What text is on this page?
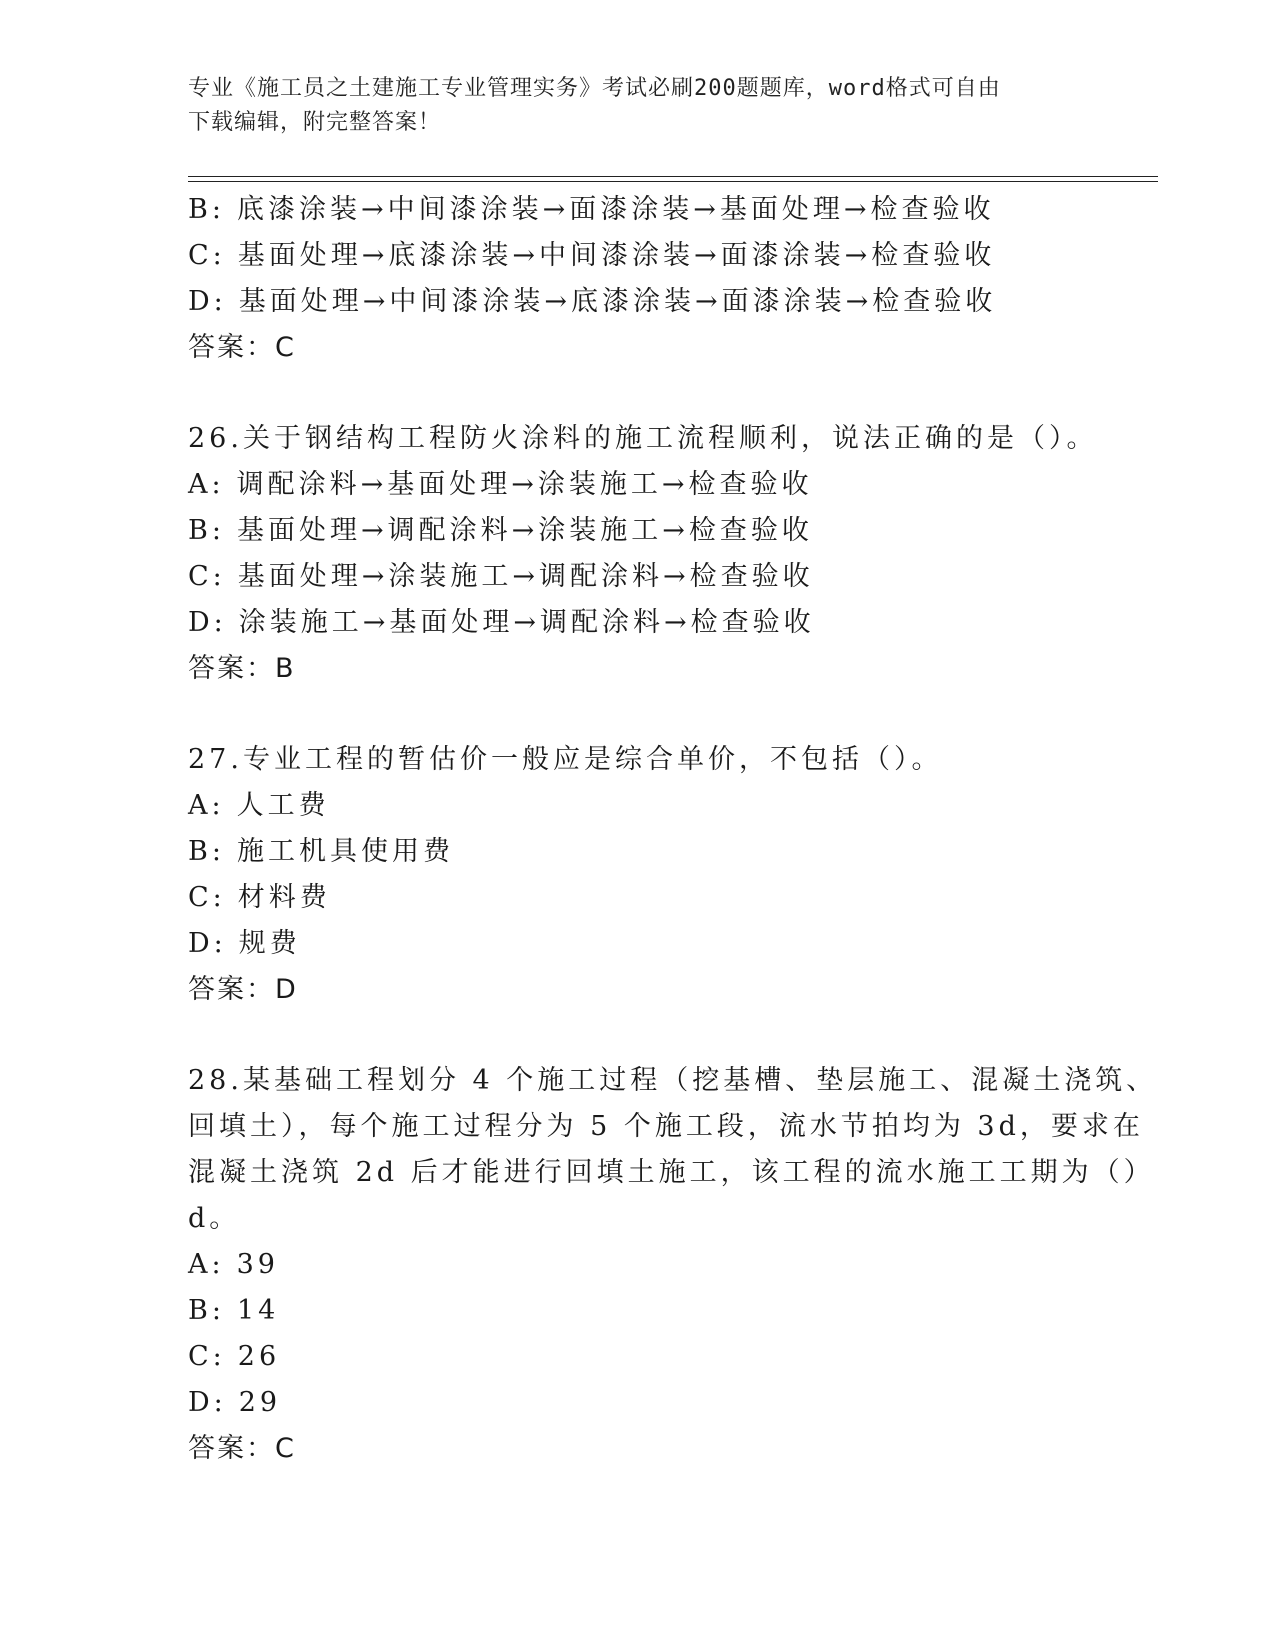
专业《施工员之土建施工专业管理实务》考试必刷200题题库，word格式可自由
下载编辑，附完整答案！
B: 底漆涂装→中间漆涂装→面漆涂装→基面处理→检查验收
C: 基面处理→底漆涂装→中间漆涂装→面漆涂装→检查验收
D: 基面处理→中间漆涂装→底漆涂装→面漆涂装→检查验收
答案：C
26.关于钢结构工程防火涂料的施工流程顺利，说法正确的是（）。
A: 调配涂料→基面处理→涂装施工→检查验收
B: 基面处理→调配涂料→涂装施工→检查验收
C: 基面处理→涂装施工→调配涂料→检查验收
D: 涂装施工→基面处理→调配涂料→检查验收
答案：B
27.专业工程的暂估价一般应是综合单价，不包括（）。
A: 人工费
B: 施工机具使用费
C: 材料费
D: 规费
答案：D
28.某基础工程划分 4 个施工过程（挖基槽、垫层施工、混凝土浇筑、
回填土），每个施工过程分为 5 个施工段，流水节拍均为 3d，要求在
混凝土浇筑 2d 后才能进行回填土施工，该工程的流水施工工期为（）
d。
A: 39
B: 14
C: 26
D: 29
答案：C
